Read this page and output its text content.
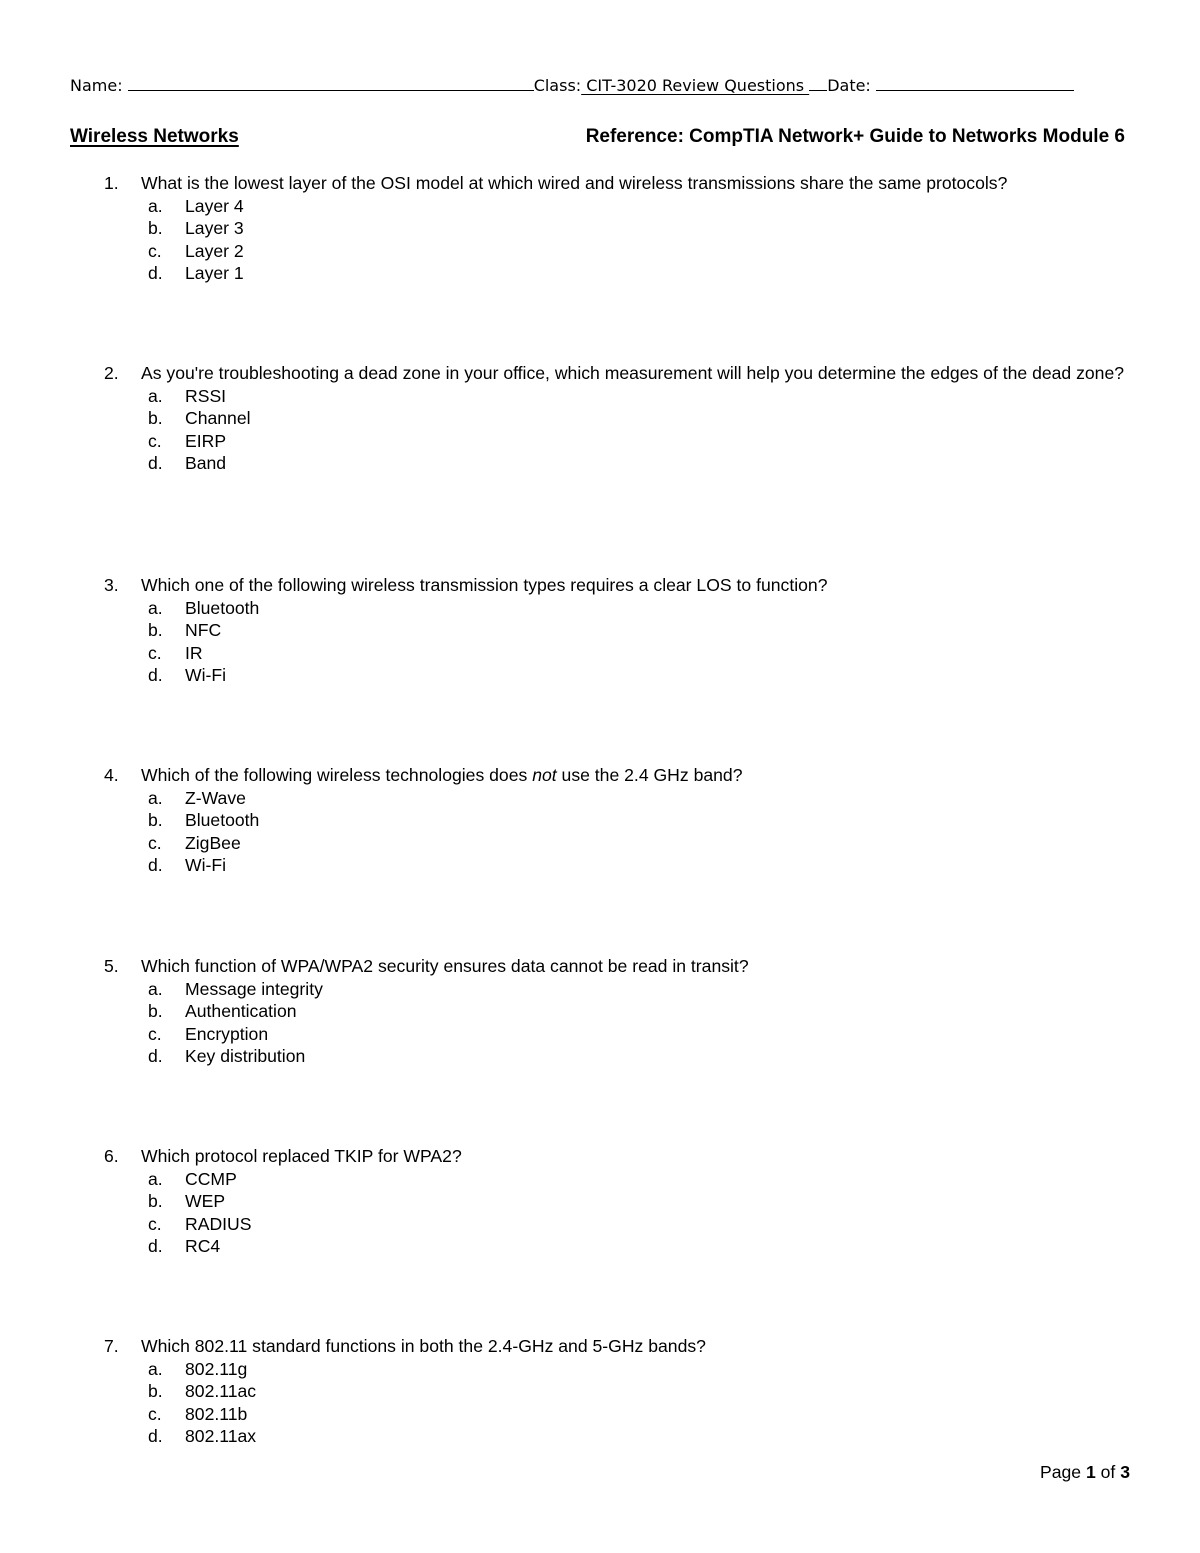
Name:	Class: CIT-3020 Review Questions Date:
Wireless Networks	Reference: CompTIA Network+ Guide to Networks Module 6
1. What is the lowest layer of the OSI model at which wired and wireless transmissions share the same protocols?
a. Layer 4
b. Layer 3
c. Layer 2
d. Layer 1
2. As you're troubleshooting a dead zone in your office, which measurement will help you determine the edges of the dead zone?
a. RSSI
b. Channel
c. EIRP
d. Band
3. Which one of the following wireless transmission types requires a clear LOS to function?
a. Bluetooth
b. NFC
c. IR
d. Wi-Fi
4. Which of the following wireless technologies does not use the 2.4 GHz band?
a. Z-Wave
b. Bluetooth
c. ZigBee
d. Wi-Fi
5. Which function of WPA/WPA2 security ensures data cannot be read in transit?
a. Message integrity
b. Authentication
c. Encryption
d. Key distribution
6. Which protocol replaced TKIP for WPA2?
a. CCMP
b. WEP
c. RADIUS
d. RC4
7. Which 802.11 standard functions in both the 2.4-GHz and 5-GHz bands?
a. 802.11g
b. 802.11ac
c. 802.11b
d. 802.11ax
Page 1 of 3
